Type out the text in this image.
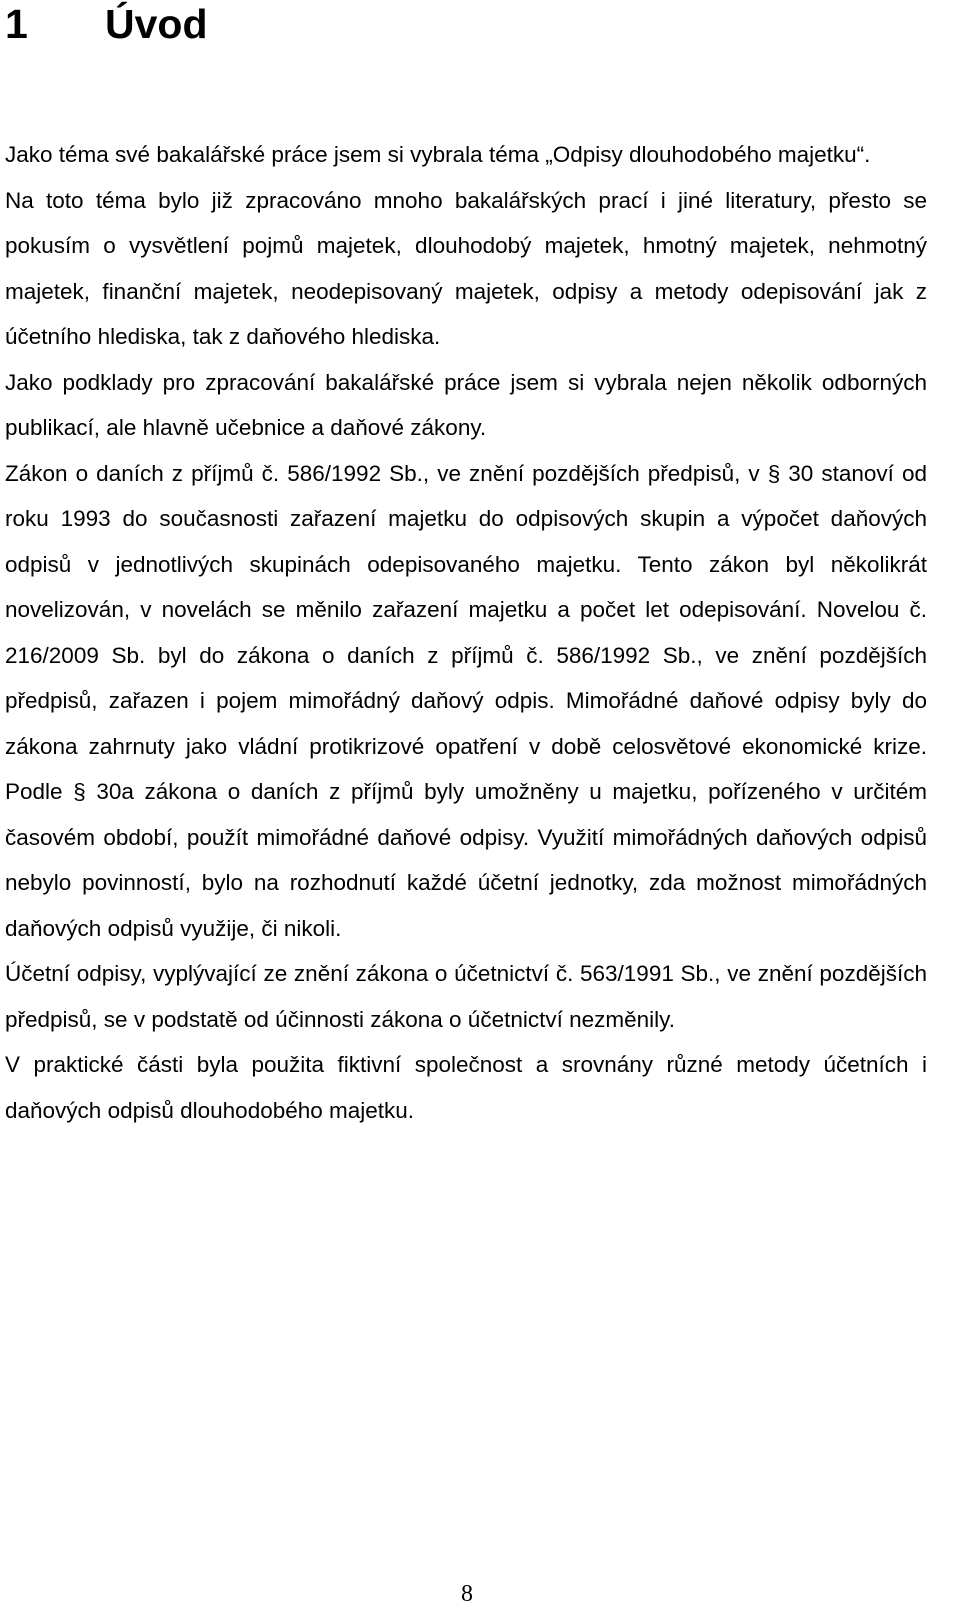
1 Úvod

Jako téma své bakalářské práce jsem si vybrala téma „Odpisy dlouhodobého majetku“.

Na toto téma bylo již zpracováno mnoho bakalářských prací i jiné literatury, přesto se pokusím o vysvětlení pojmů majetek, dlouhodobý majetek, hmotný majetek, nehmotný majetek, finanční majetek, neodepisovaný majetek, odpisy a metody odepisování jak z účetního hlediska, tak z daňového hlediska.

Jako podklady pro zpracování bakalářské práce jsem si vybrala nejen několik odborných publikací, ale hlavně učebnice a daňové zákony.

Zákon o daních z příjmů č. 586/1992 Sb., ve znění pozdějších předpisů, v § 30 stanoví od roku 1993 do současnosti zařazení majetku do odpisových skupin a výpočet daňových odpisů v jednotlivých skupinách odepisovaného majetku. Tento zákon byl několikrát novelizován, v novelách se měnilo zařazení majetku a počet let odepisování. Novelou č. 216/2009 Sb. byl do zákona o daních z příjmů č. 586/1992 Sb., ve znění pozdějších předpisů, zařazen i pojem mimořádný daňový odpis. Mimořádné daňové odpisy byly do zákona zahrnuty jako vládní protikrizové opatření v době celosvětové ekonomické krize. Podle § 30a zákona o daních z příjmů byly umožněny u majetku, pořízeného v určitém časovém období, použít mimořádné daňové odpisy. Využití mimořádných daňových odpisů nebylo povinností, bylo na rozhodnutí každé účetní jednotky, zda možnost mimořádných daňových odpisů využije, či nikoli.

Účetní odpisy, vyplývající ze znění zákona o účetnictví č. 563/1991 Sb., ve znění pozdějších předpisů, se v podstatě od účinnosti zákona o účetnictví nezměnily.

V praktické části byla použita fiktivní společnost a srovnány různé metody účetních i daňových odpisů dlouhodobého majetku.

8
